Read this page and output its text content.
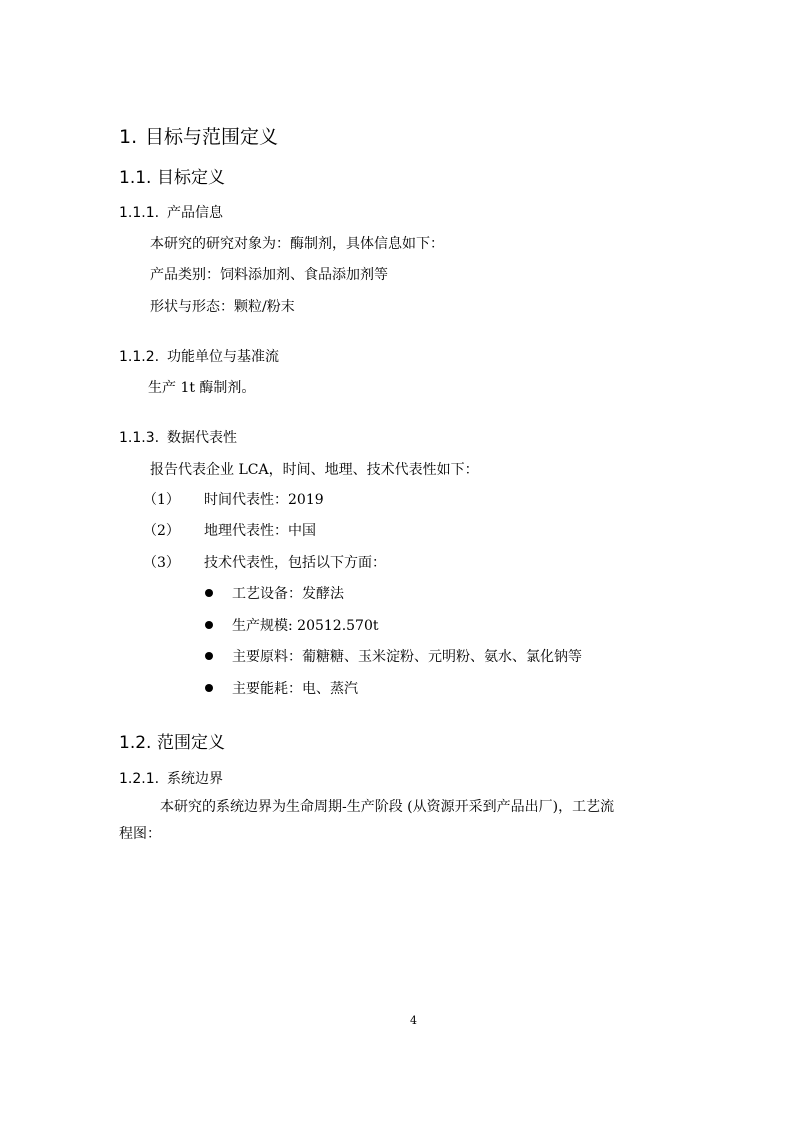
1. 目标与范围定义
1.1. 目标定义
1.1.1. 产品信息
本研究的研究对象为：酶制剂，具体信息如下：
产品类别：饲料添加剂、食品添加剂等
形状与形态：颗粒/粉末
1.1.2. 功能单位与基准流
生产 1t 酶制剂。
1.1.3. 数据代表性
报告代表企业 LCA，时间、地理、技术代表性如下：
（1） 时间代表性：2019
（2） 地理代表性：中国
（3） 技术代表性，包括以下方面：
工艺设备：发酵法
生产规模: 20512.570t
主要原料：葡糖糖、玉米淀粉、元明粉、氨水、氯化钠等
主要能耗：电、蒸汽
1.2. 范围定义
1.2.1. 系统边界
本研究的系统边界为生命周期-生产阶段 (从资源开采到产品出厂)，工艺流
程图：
4
